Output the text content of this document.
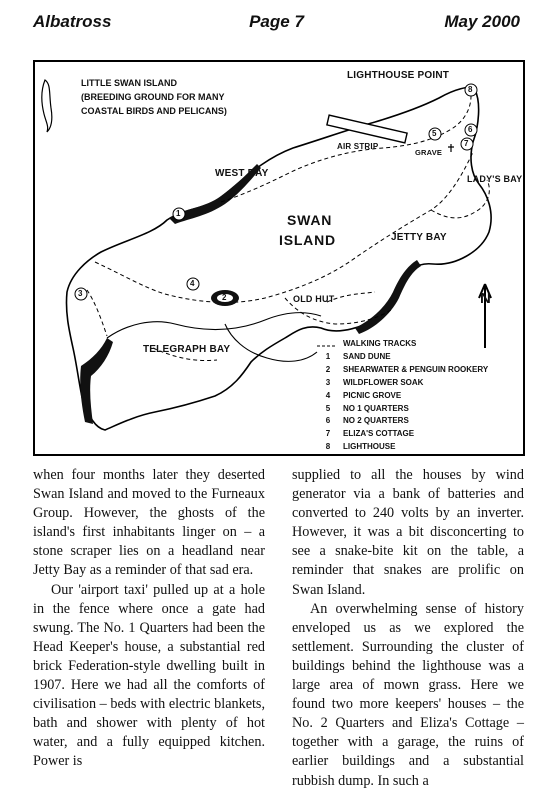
Albatross	Page 7	May 2000
1
3
4
5	6
7
8
2
LITTLE SWAN ISLAND
(BREEDING GROUND FOR MANY
COASTAL BIRDS AND PELICANS)
LIGHTHOUSE POINT
AIR STRIP
GRAVE
LADY'S BAY
WEST BAY
SWAN
ISLAND	JETTY BAY
OLD HUT
TELEGRAPH BAY
N
WALKING TRACKS
1	SAND DUNE
2	SHEARWATER & PENGUIN ROOKERY
3	WILDFLOWER SOAK
4	PICNIC GROVE
5	NO 1 QUARTERS
6	NO 2 QUARTERS
7	ELIZA'S COTTAGE
8	LIGHTHOUSE

when four months later they deserted Swan Island and moved to the Furneaux Group. However, the ghosts of the island's first inhabitants linger on – a stone scraper lies on a headland near Jetty Bay as a reminder of that sad era.

Our 'airport taxi' pulled up at a hole in the fence where once a gate had swung. The No. 1 Quarters had been the Head Keeper's house, a substantial red brick Federation-style dwelling built in 1907. Here we had all the comforts of civilisation – beds with electric blankets, bath and shower with plenty of hot water, and a fully equipped kitchen. Power is

supplied to all the houses by wind generator via a bank of batteries and converted to 240 volts by an inverter. However, it was a bit disconcerting to see a snake-bite kit on the table, a reminder that snakes are prolific on Swan Island.

An overwhelming sense of history enveloped us as we explored the settlement. Surrounding the cluster of buildings behind the lighthouse was a large area of mown grass. Here we found two more keepers' houses – the No. 2 Quarters and Eliza's Cottage – together with a garage, the ruins of earlier buildings and a substantial rubbish dump. In such a
